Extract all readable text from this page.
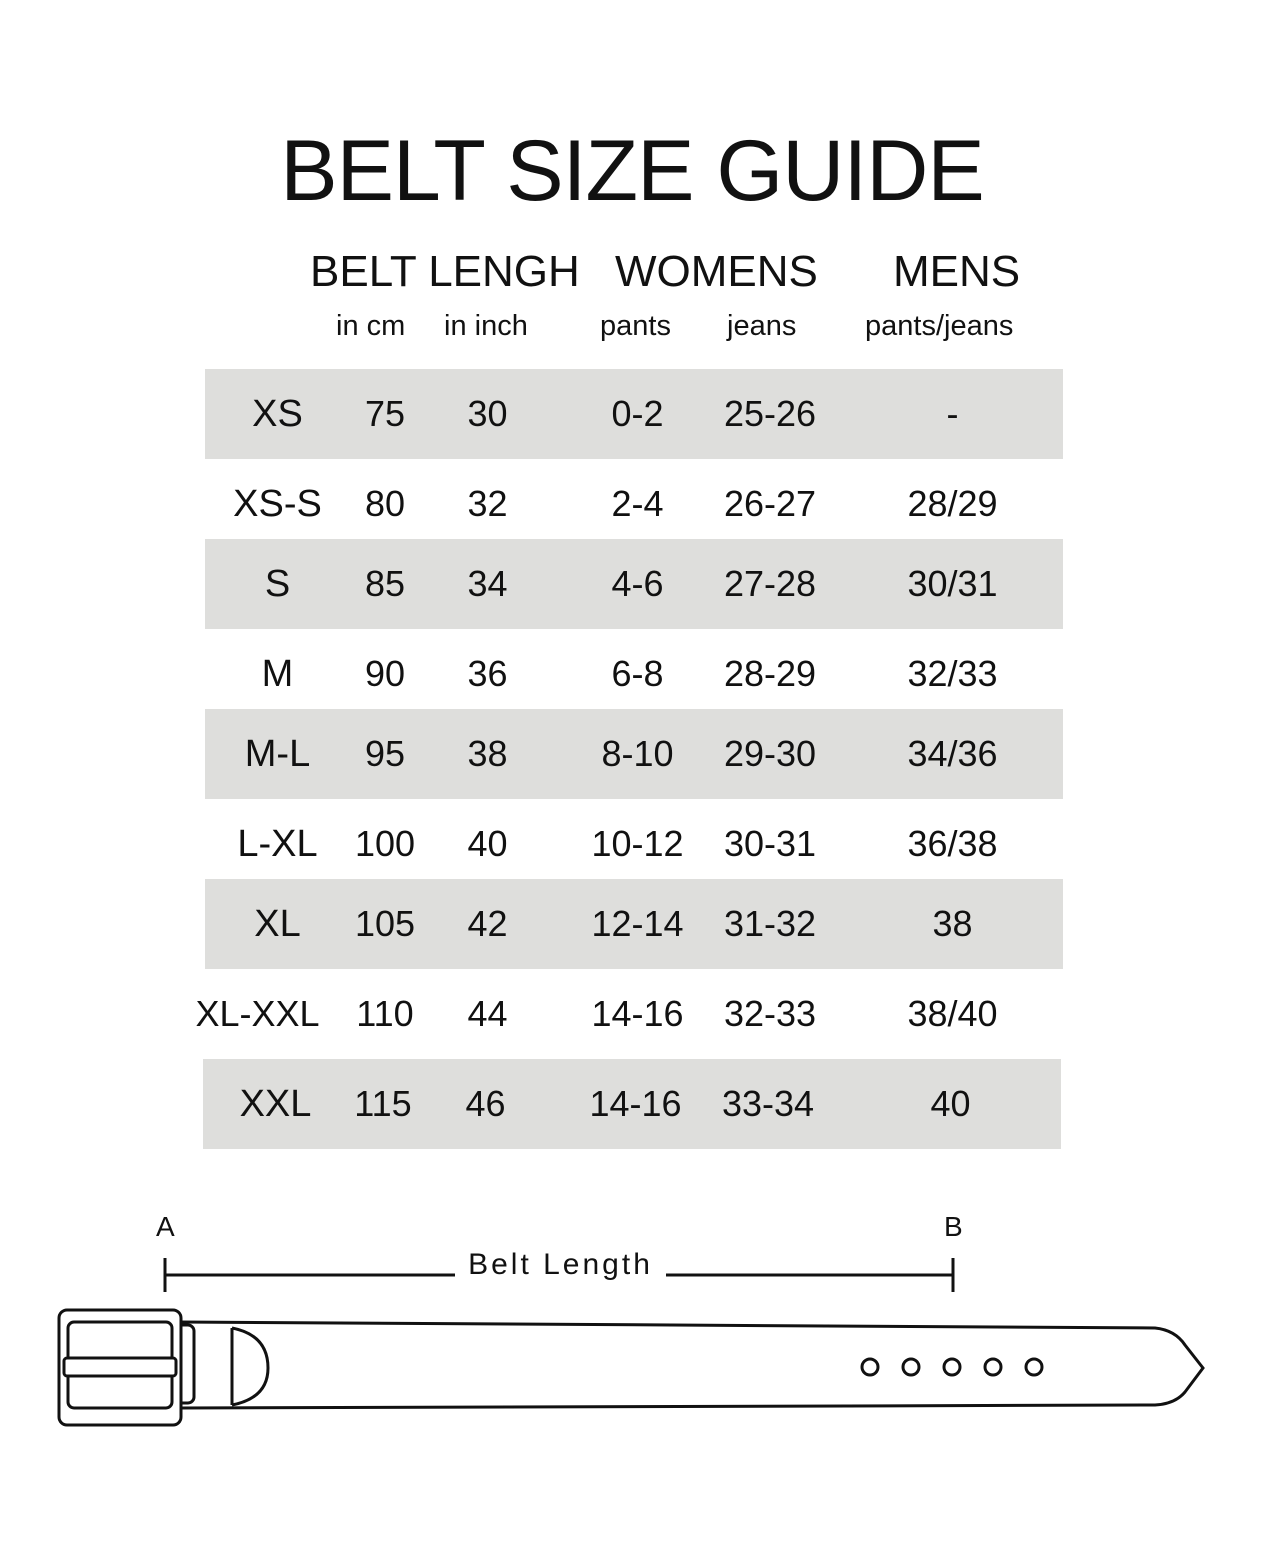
BELT SIZE GUIDE
BELT LENGH WOMENS MENS
in cm in inch pants jeans pants/jeans
XS	75	30	0-2	25-26	-
XS-S	80	32	2-4	26-27	28/29
S	85	34	4-6	27-28	30/31
M	90	36	6-8	28-29	32/33
M-L	95	38	8-10	29-30	34/36
L-XL	100	40	10-12	30-31	36/38
XL	105	42	12-14	31-32	38
XL-XXL	110	44	14-16	32-33	38/40
XXL	115	46	14-16	33-34	40
A	B
Belt Length
